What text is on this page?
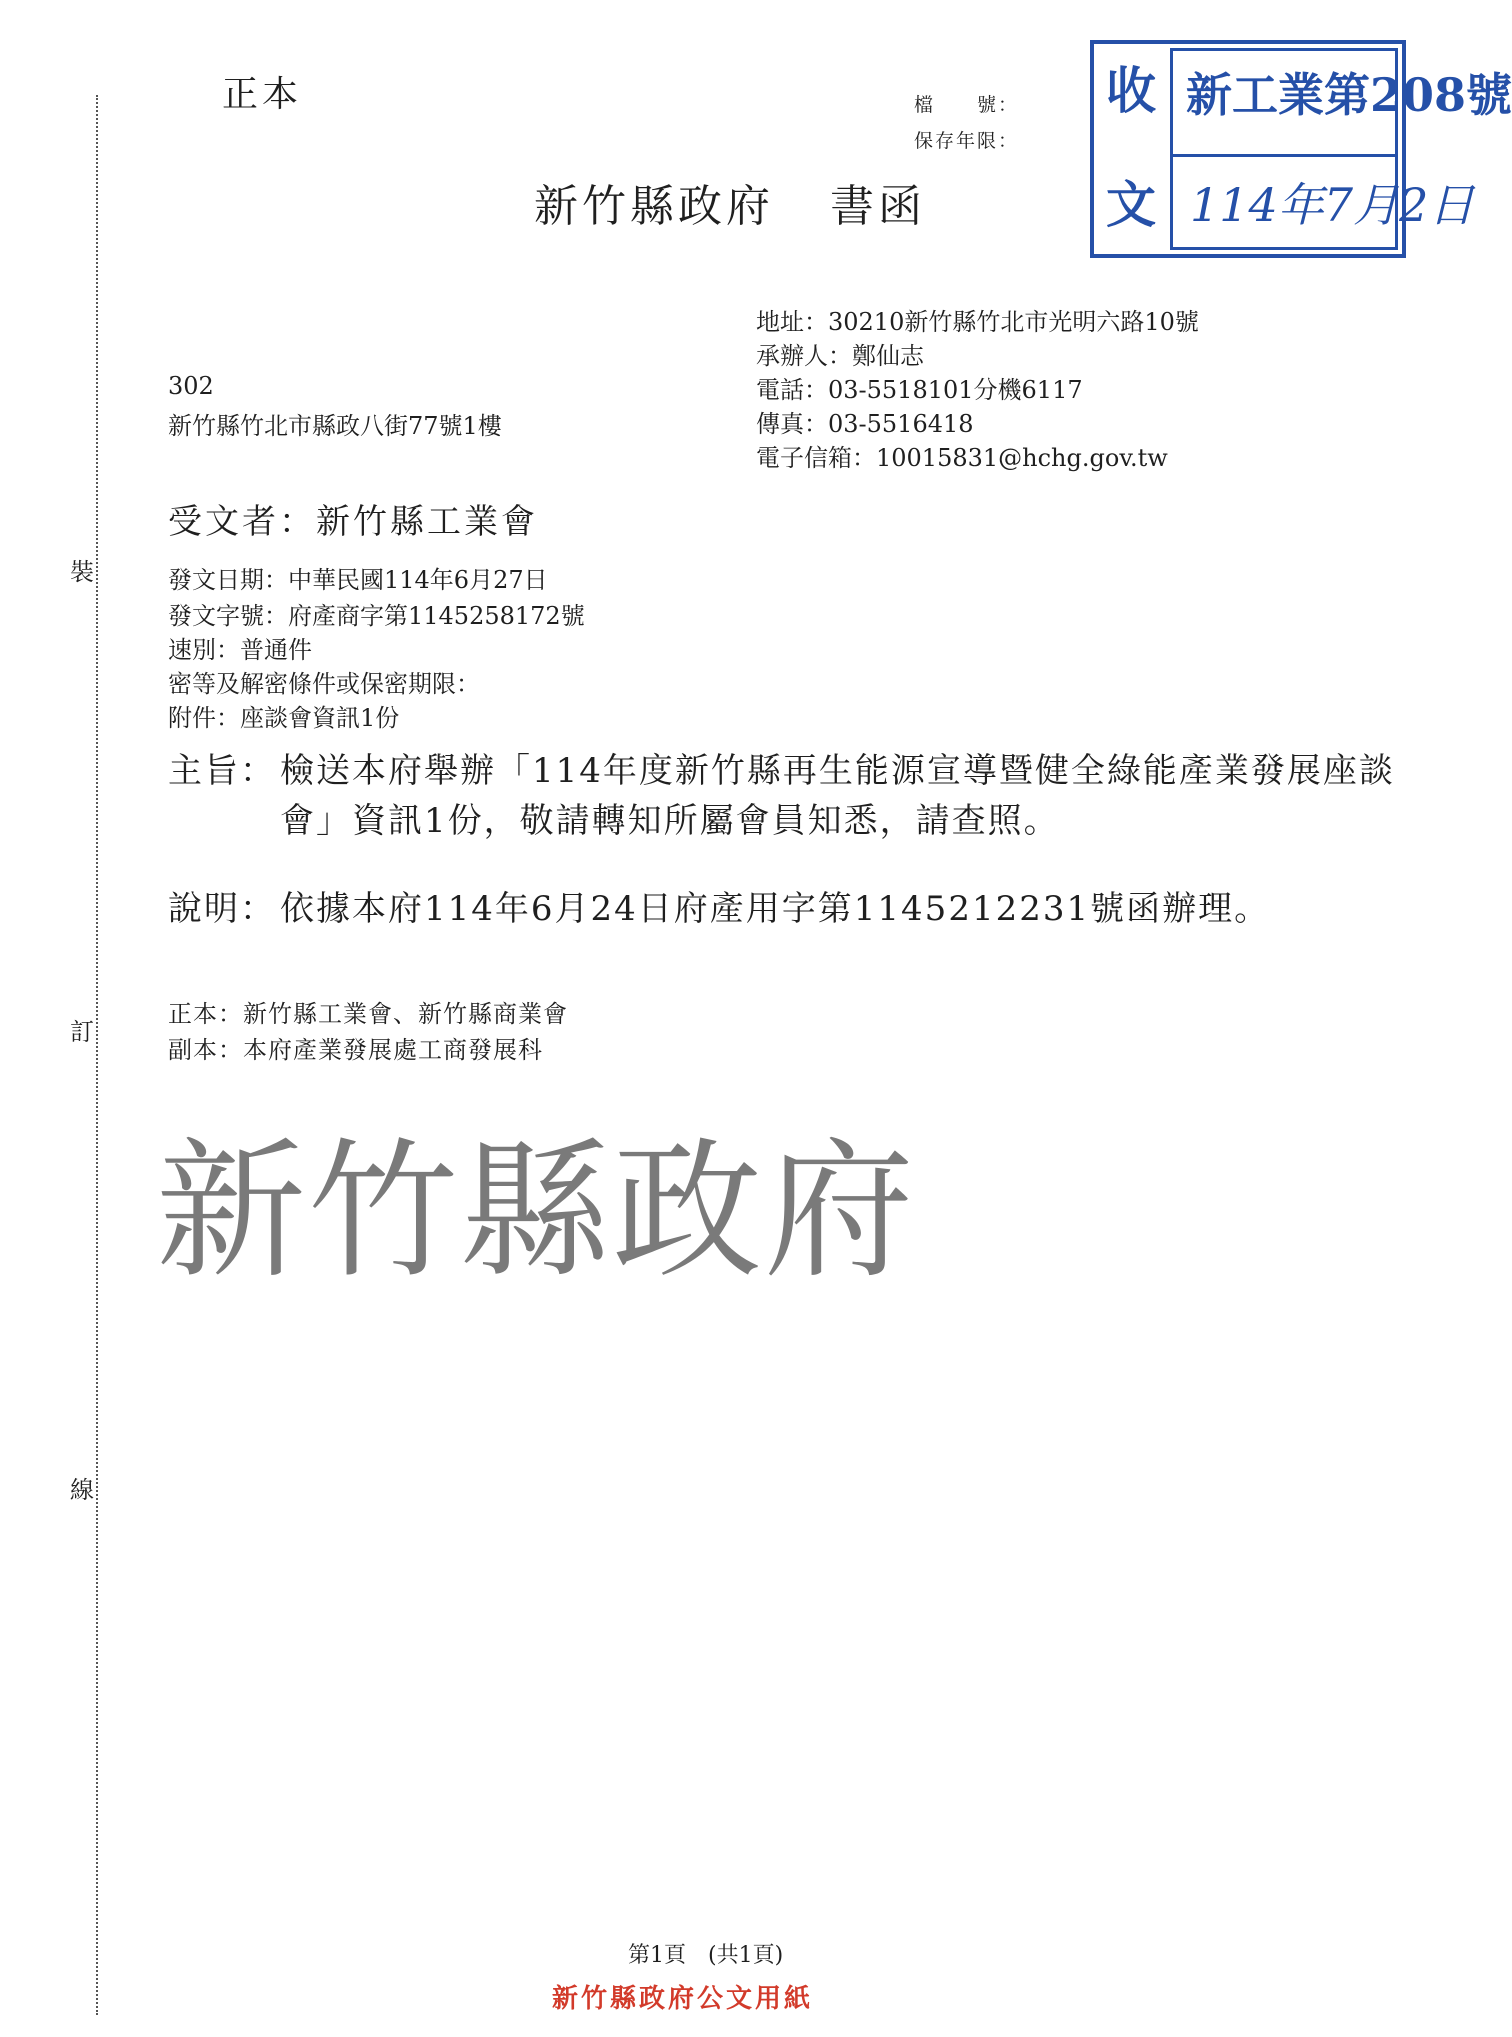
裝
訂
線
正本	檔　　號：
保存年限：
新竹縣政府 書函
收
文
新工業第208號
114年7月2日
地址：30210新竹縣竹北市光明六路10號
承辦人：鄭仙志
電話：03-5518101分機6117
傳真：03-5516418
電子信箱：10015831@hchg.gov.tw
302
新竹縣竹北市縣政八街77號1樓
受文者：新竹縣工業會
發文日期：中華民國114年6月27日
發文字號：府產商字第1145258172號
速別：普通件
密等及解密條件或保密期限：
附件：座談會資訊1份
主旨： 檢送本府舉辦「114年度新竹縣再生能源宣導暨健全綠能產業發展座談會」資訊1份，敬請轉知所屬會員知悉，請查照。
說明： 依據本府114年6月24日府產用字第1145212231號函辦理。
正本：新竹縣工業會、新竹縣商業會
副本：本府產業發展處工商發展科
新竹縣政府
第1頁　(共1頁)
新竹縣政府公文用紙
